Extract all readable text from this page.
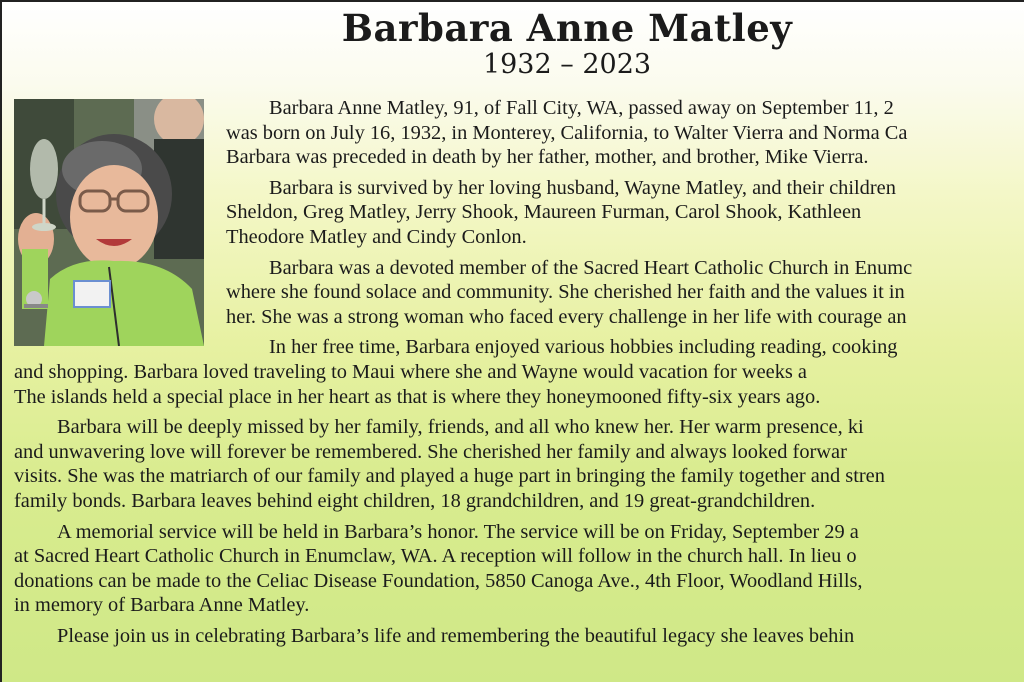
Barbara Anne Matley
1932 – 2023
Barbara Anne Matley, 91, of Fall City, WA, passed away on September 11, 2
was born on July 16, 1932, in Monterey, California, to Walter Vierra and Norma Ca
Barbara was preceded in death by her father, mother, and brother, Mike Vierra.
Barbara is survived by her loving husband, Wayne Matley, and their children
Sheldon, Greg Matley, Jerry Shook, Maureen Furman, Carol Shook, Kathleen
Theodore Matley and Cindy Conlon.
Barbara was a devoted member of the Sacred Heart Catholic Church in Enumc
where she found solace and community. She cherished her faith and the values it in
her. She was a strong woman who faced every challenge in her life with courage an
In her free time, Barbara enjoyed various hobbies including reading, cooking
and shopping. Barbara loved traveling to Maui where she and Wayne would vacation for weeks a
The islands held a special place in her heart as that is where they honeymooned fifty-six years ago.
Barbara will be deeply missed by her family, friends, and all who knew her. Her warm presence, ki
and unwavering love will forever be remembered. She cherished her family and always looked forwar
visits. She was the matriarch of our family and played a huge part in bringing the family together and stren
family bonds. Barbara leaves behind eight children, 18 grandchildren, and 19 great-grandchildren.
A memorial service will be held in Barbara’s honor. The service will be on Friday, September 29 a
at Sacred Heart Catholic Church in Enumclaw, WA. A reception will follow in the church hall. In lieu o
donations can be made to the Celiac Disease Foundation, 5850 Canoga Ave., 4th Floor, Woodland Hills,
in memory of Barbara Anne Matley.
Please join us in celebrating Barbara’s life and remembering the beautiful legacy she leaves behin
